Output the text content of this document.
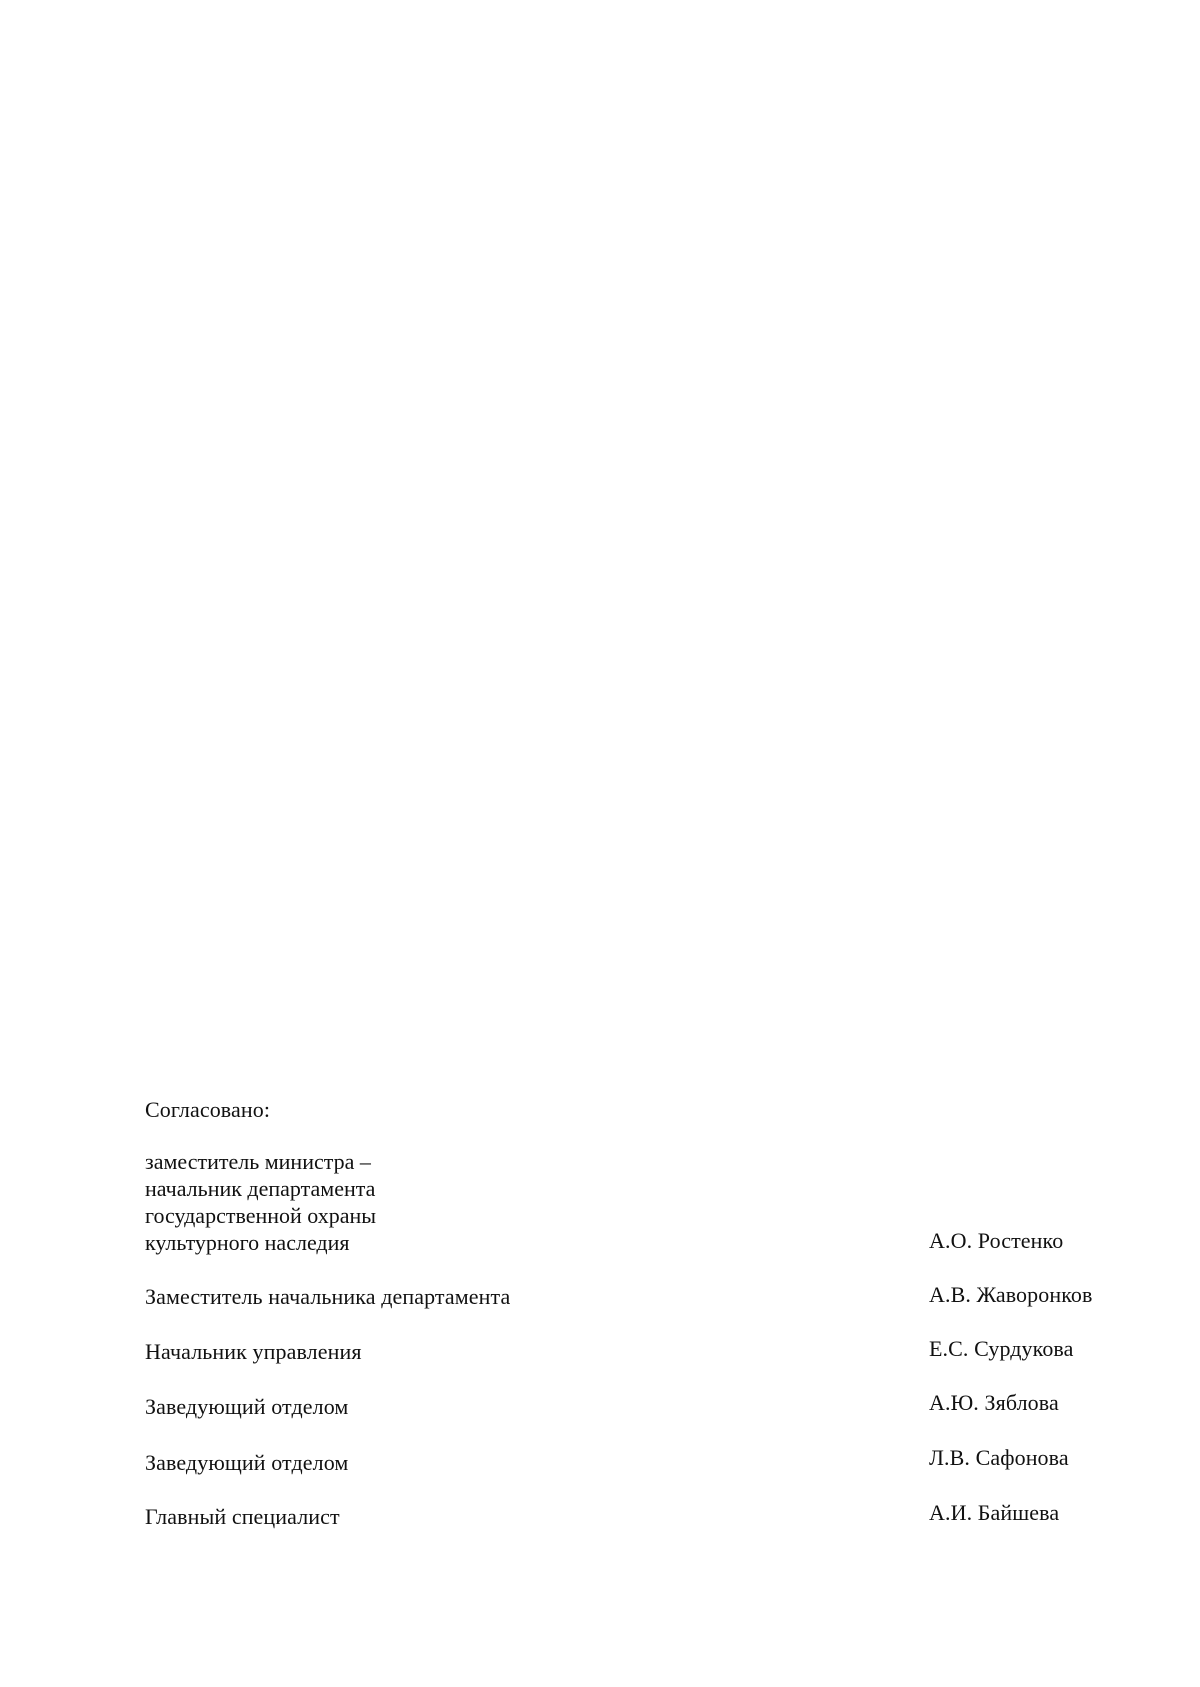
Согласовано:
заместитель министра –
начальник департамента
государственной охраны
культурного наследия	А.О. Ростенко
Заместитель начальника департамента	А.В. Жаворонков
Начальник управления	Е.С. Сурдукова
Заведующий отделом	А.Ю. Зяблова
Заведующий отделом	Л.В. Сафонова
Главный специалист	А.И. Байшева
